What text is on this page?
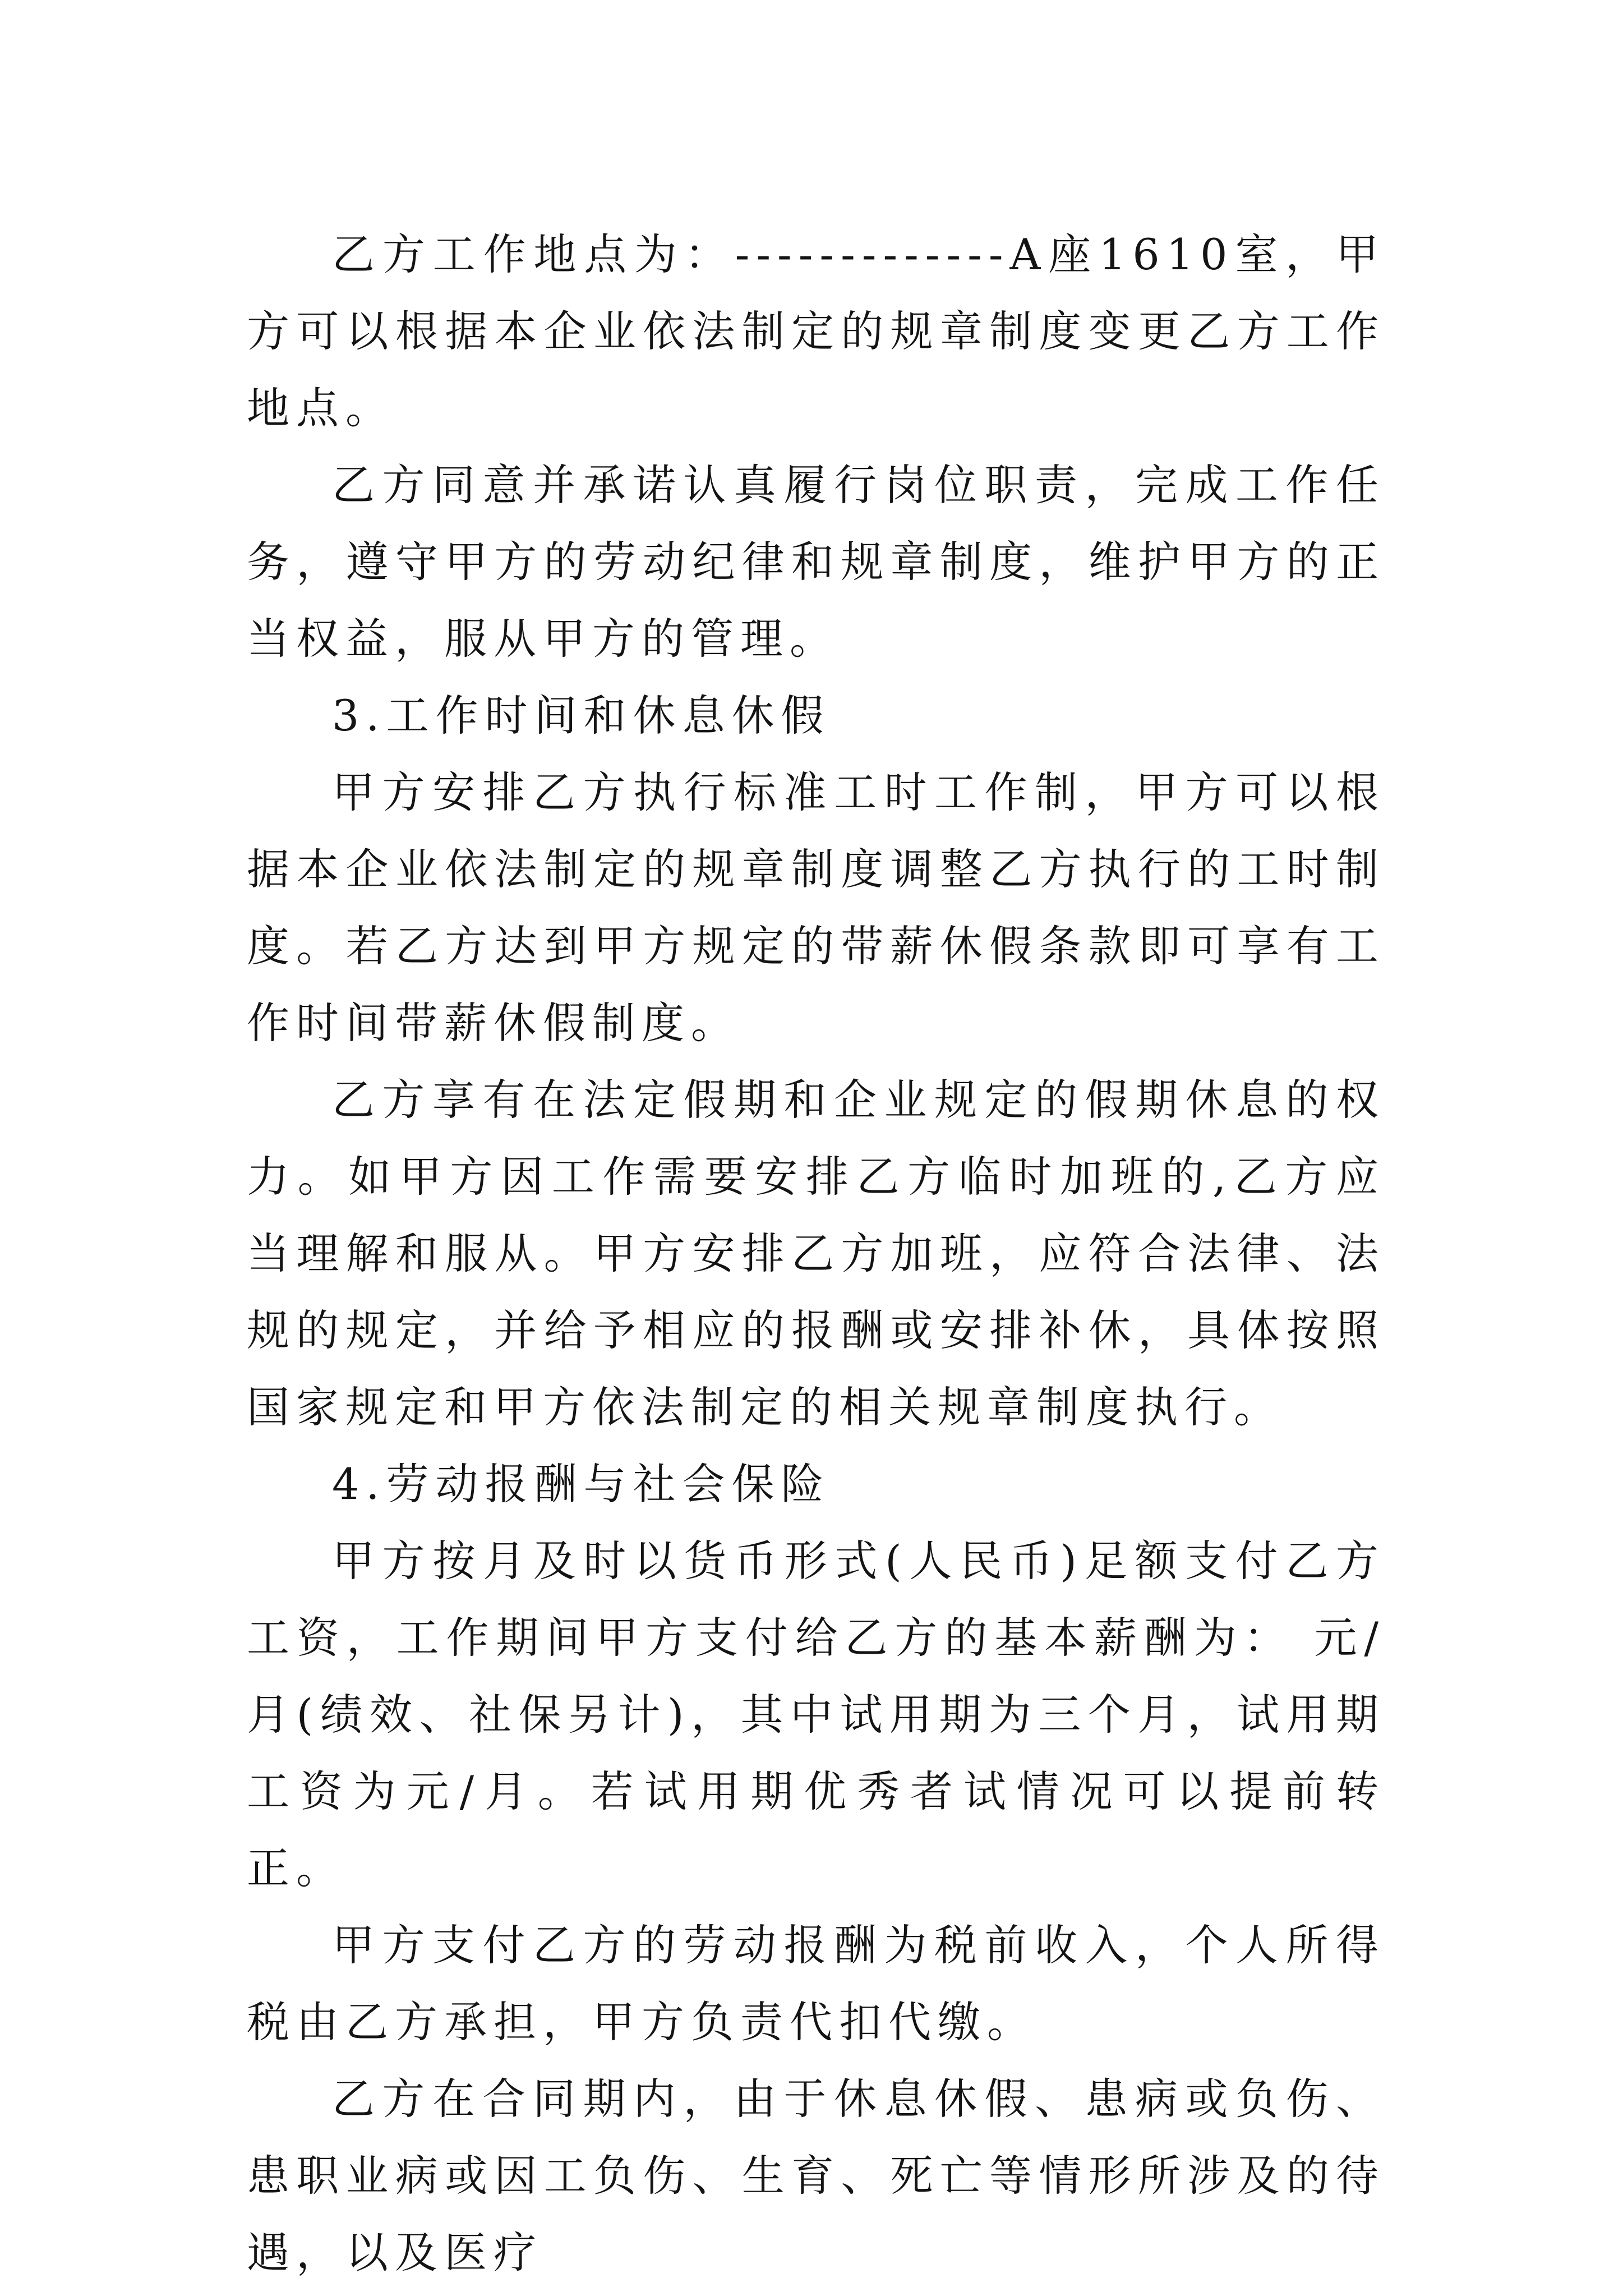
乙方工作地点为：-------------A座1610室，甲方可以根据本企业依法制定的规章制度变更乙方工作地点。

乙方同意并承诺认真履行岗位职责，完成工作任务，遵守甲方的劳动纪律和规章制度，维护甲方的正当权益，服从甲方的管理。

3.工作时间和休息休假

甲方安排乙方执行标准工时工作制，甲方可以根据本企业依法制定的规章制度调整乙方执行的工时制度。若乙方达到甲方规定的带薪休假条款即可享有工作时间带薪休假制度。

乙方享有在法定假期和企业规定的假期休息的权力。如甲方因工作需要安排乙方临时加班的,乙方应当理解和服从。甲方安排乙方加班，应符合法律、法规的规定，并给予相应的报酬或安排补休，具体按照国家规定和甲方依法制定的相关规章制度执行。

4.劳动报酬与社会保险

甲方按月及时以货币形式(人民币)足额支付乙方工资，工作期间甲方支付给乙方的基本薪酬为： 元/月(绩效、社保另计)，其中试用期为三个月，试用期工资为元/月。若试用期优秀者试情况可以提前转正。

甲方支付乙方的劳动报酬为税前收入，个人所得税由乙方承担，甲方负责代扣代缴。

乙方在合同期内，由于休息休假、患病或负伤、患职业病或因工负伤、生育、死亡等情形所涉及的待遇，以及医疗
